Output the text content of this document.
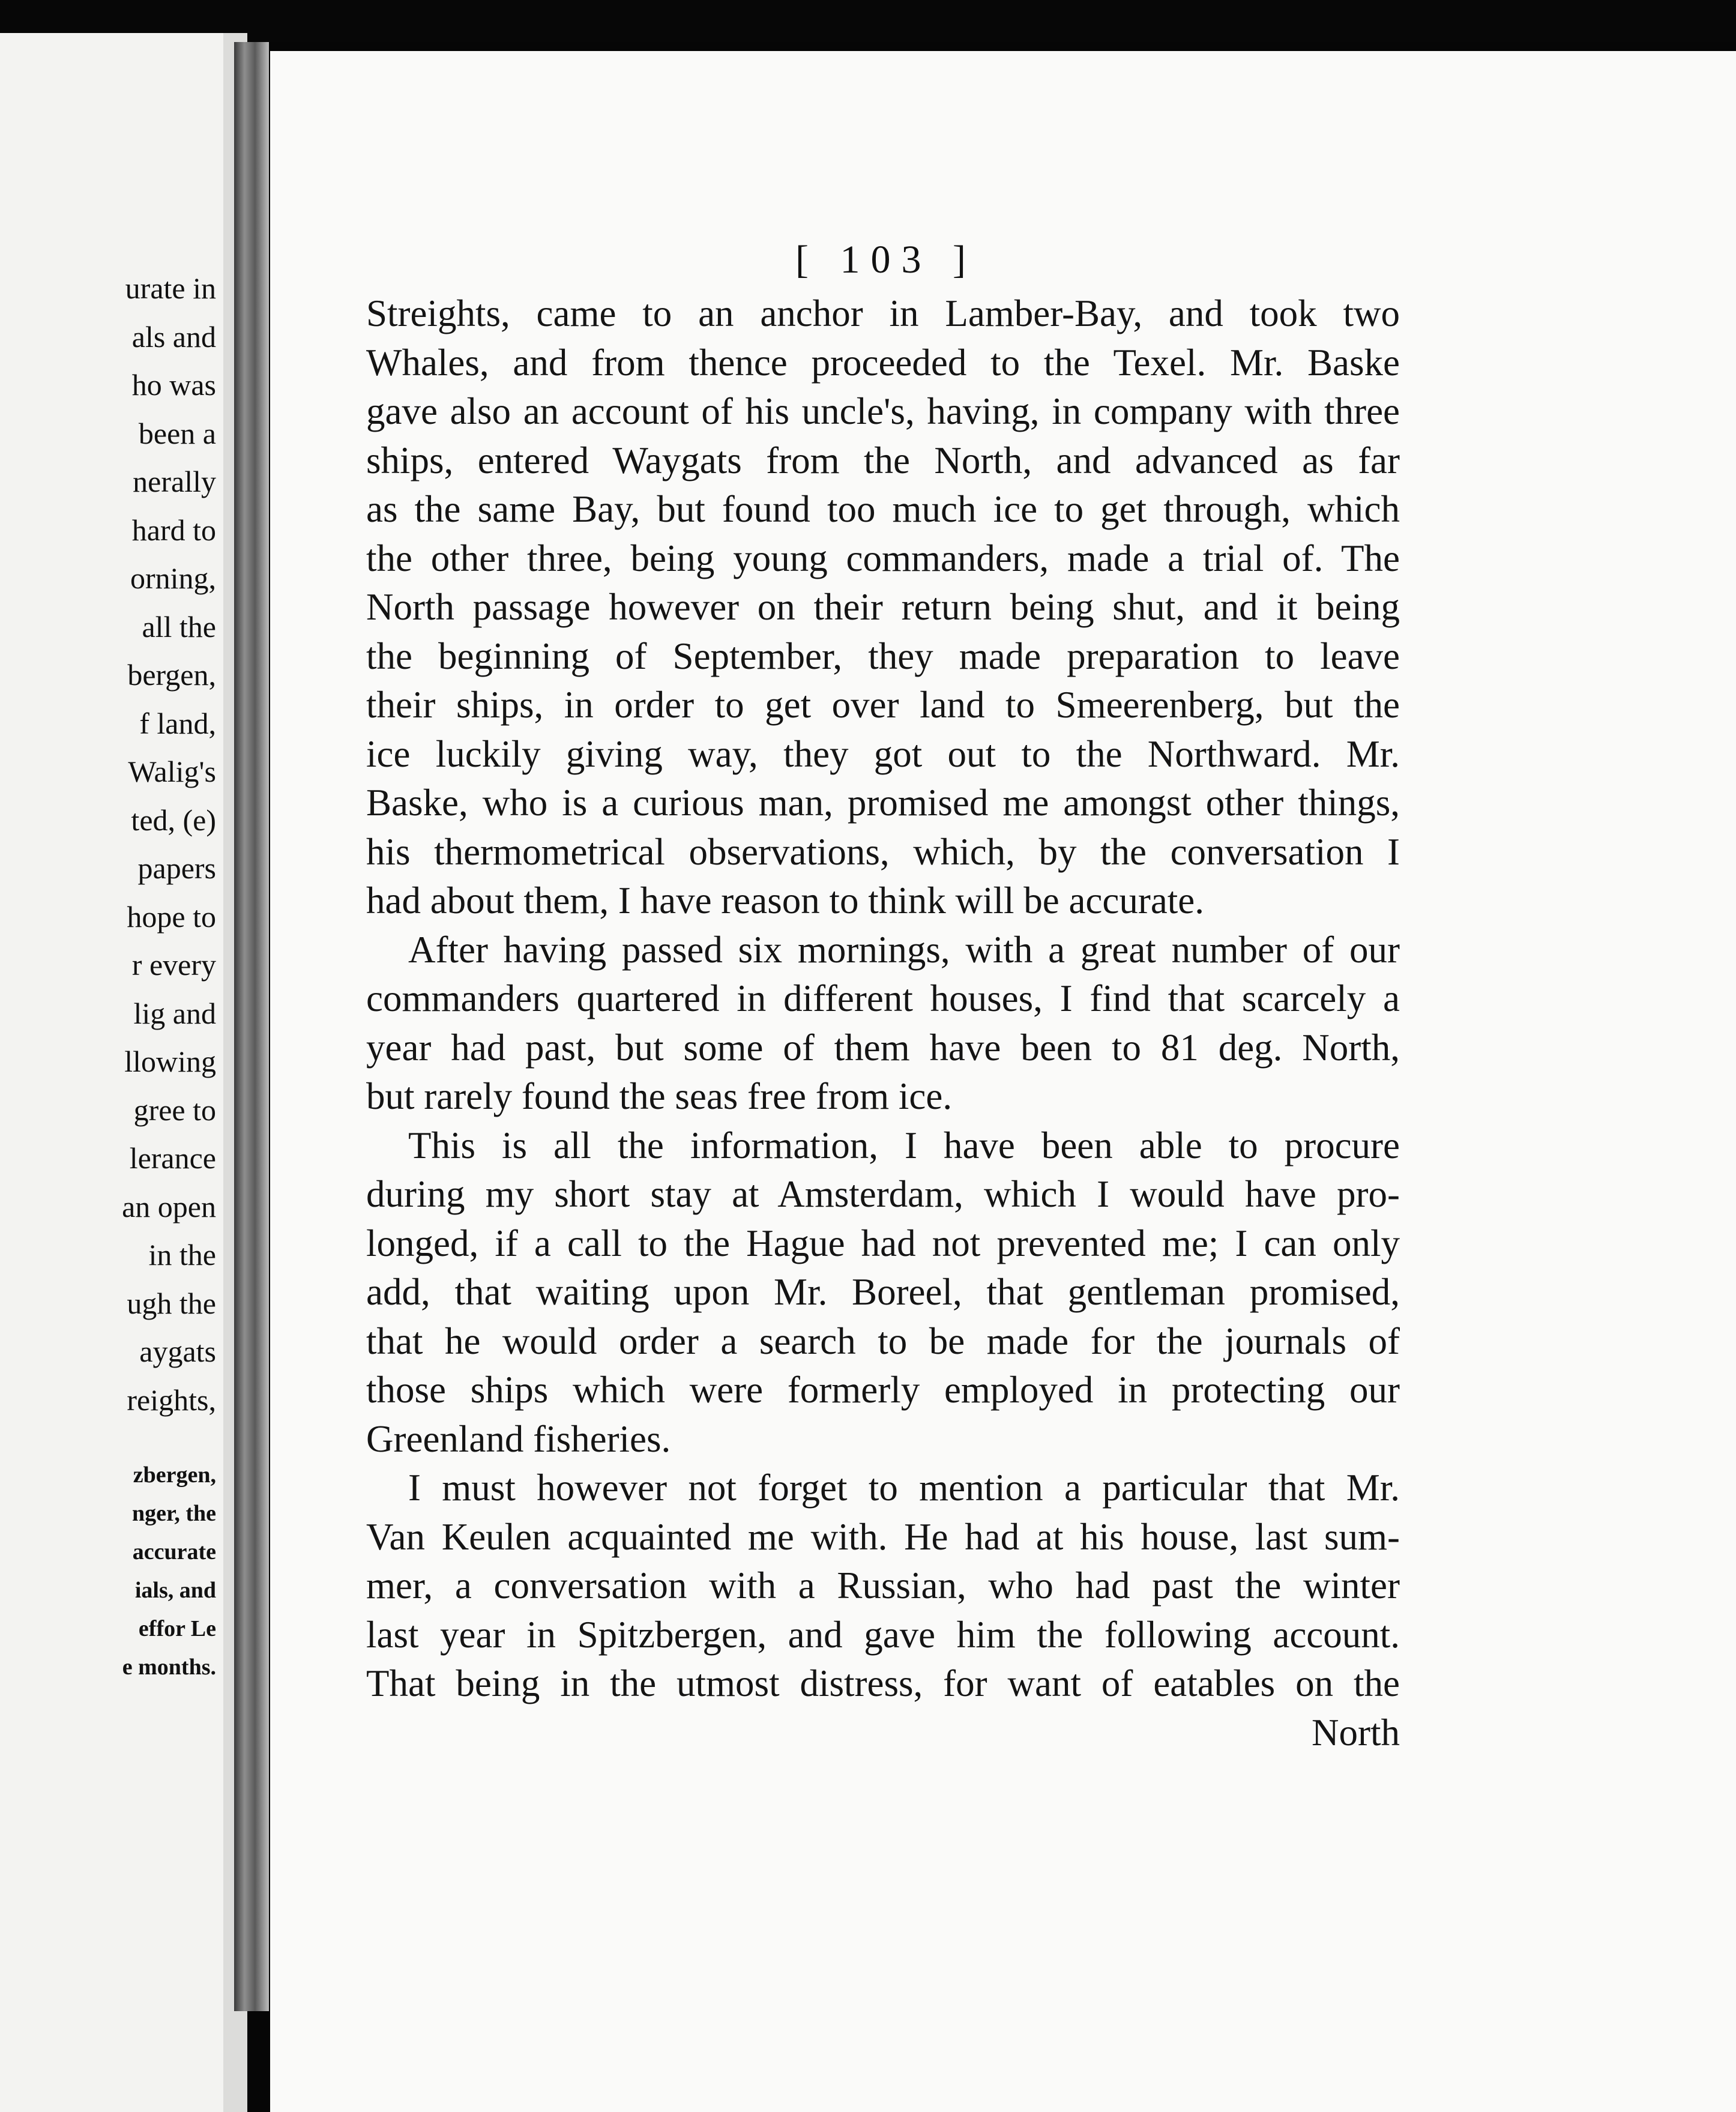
urate in
als and
ho was
been a
nerally
hard to
orning,
all the
bergen,
f land,
Walig's
ted, (e)
papers
hope to
r every
lig and
llowing
gree to
lerance
an open
in the
ugh the
aygats
reights,
zbergen,
nger, the
accurate
ials, and
effor Le
e months.
[ 103 ]
Streights, came to an anchor in Lamber-Bay, and took two
Whales, and from thence proceeded to the Texel. Mr. Baske
gave also an account of his uncle's, having, in company with three
ships, entered Waygats from the North, and advanced as far
as the same Bay, but found too much ice to get through, which
the other three, being young commanders, made a trial of. The
North passage however on their return being shut, and it being
the beginning of September, they made preparation to leave
their ships, in order to get over land to Smeerenberg, but the
ice luckily giving way, they got out to the Northward. Mr.
Baske, who is a curious man, promised me amongst other things,
his thermometrical observations, which, by the conversation I
had about them, I have reason to think will be accurate.
After having passed six mornings, with a great number of our
commanders quartered in different houses, I find that scarcely a
year had past, but some of them have been to 81 deg. North,
but rarely found the seas free from ice.
This is all the information, I have been able to procure
during my short stay at Amsterdam, which I would have pro-
longed, if a call to the Hague had not prevented me; I can only
add, that waiting upon Mr. Boreel, that gentleman promised,
that he would order a search to be made for the journals of
those ships which were formerly employed in protecting our
Greenland fisheries.
I must however not forget to mention a particular that Mr.
Van Keulen acquainted me with. He had at his house, last sum-
mer, a conversation with a Russian, who had past the winter
last year in Spitzbergen, and gave him the following account.
That being in the utmost distress, for want of eatables on the
North
